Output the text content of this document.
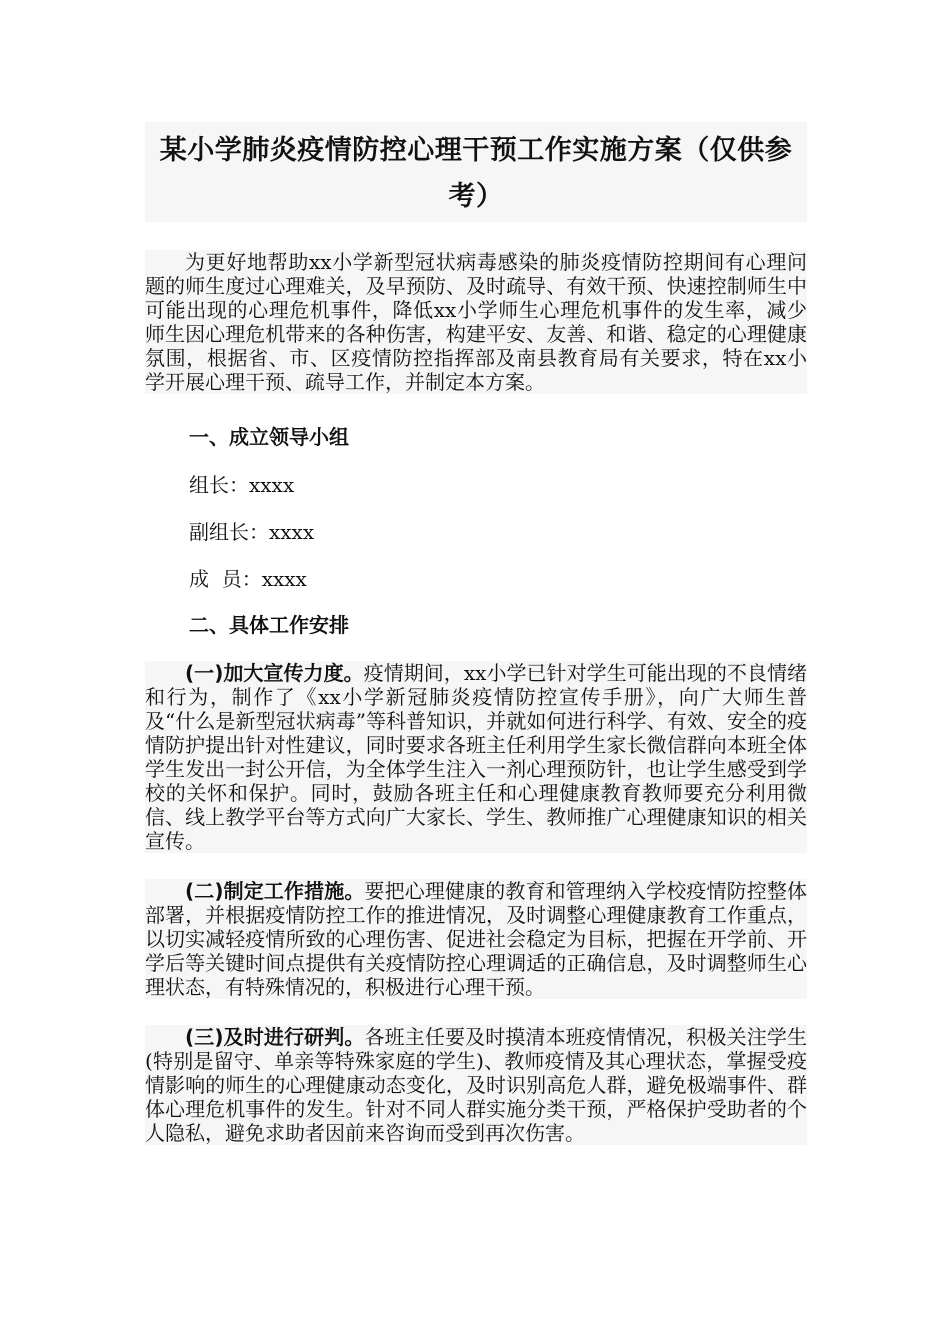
某小学肺炎疫情防控心理干预工作实施方案（仅供参考）

为更好地帮助xx小学新型冠状病毒感染的肺炎疫情防控期间有心理问题的师生度过心理难关，及早预防、及时疏导、有效干预、快速控制师生中可能出现的心理危机事件，降低xx小学师生心理危机事件的发生率，减少师生因心理危机带来的各种伤害，构建平安、友善、和谐、稳定的心理健康氛围，根据省、市、区疫情防控指挥部及南县教育局有关要求，特在xx小学开展心理干预、疏导工作，并制定本方案。

一、成立领导小组

组长：xxxx

副组长：xxxx

成  员：xxxx

二、具体工作安排

(一)加大宣传力度。疫情期间，xx小学已针对学生可能出现的不良情绪和行为，制作了《xx小学新冠肺炎疫情防控宣传手册》，向广大师生普及“什么是新型冠状病毒”等科普知识，并就如何进行科学、有效、安全的疫情防护提出针对性建议，同时要求各班主任利用学生家长微信群向本班全体学生发出一封公开信，为全体学生注入一剂心理预防针，也让学生感受到学校的关怀和保护。同时，鼓励各班主任和心理健康教育教师要充分利用微信、线上教学平台等方式向广大家长、学生、教师推广心理健康知识的相关宣传。

(二)制定工作措施。要把心理健康的教育和管理纳入学校疫情防控整体部署，并根据疫情防控工作的推进情况，及时调整心理健康教育工作重点，以切实减轻疫情所致的心理伤害、促进社会稳定为目标，把握在开学前、开学后等关键时间点提供有关疫情防控心理调适的正确信息，及时调整师生心理状态，有特殊情况的，积极进行心理干预。

(三)及时进行研判。各班主任要及时摸清本班疫情情况，积极关注学生(特别是留守、单亲等特殊家庭的学生)、教师疫情及其心理状态，掌握受疫情影响的师生的心理健康动态变化，及时识别高危人群，避免极端事件、群体心理危机事件的发生。针对不同人群实施分类干预，严格保护受助者的个人隐私，避免求助者因前来咨询而受到再次伤害。
